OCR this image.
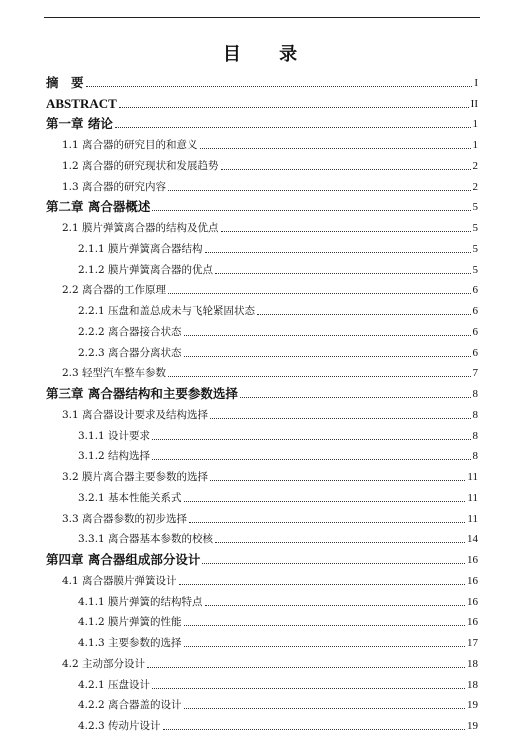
目 录
摘　要	I
ABSTRACT	II
第一章 绪论	1
1.1 离合器的研究目的和意义	1
1.2 离合器的研究现状和发展趋势	2
1.3 离合器的研究内容	2
第二章 离合器概述	5
2.1 膜片弹簧离合器的结构及优点	5
2.1.1 膜片弹簧离合器结构	5
2.1.2 膜片弹簧离合器的优点	5
2.2 离合器的工作原理	6
2.2.1 压盘和盖总成未与飞轮紧固状态	6
2.2.2 离合器接合状态	6
2.2.3 离合器分离状态	6
2.3 轻型汽车整车参数	7
第三章 离合器结构和主要参数选择	8
3.1 离合器设计要求及结构选择	8
3.1.1 设计要求	8
3.1.2 结构选择	8
3.2 膜片离合器主要参数的选择	11
3.2.1 基本性能关系式	11
3.3 离合器参数的初步选择	11
3.3.1 离合器基本参数的校核	14
第四章 离合器组成部分设计	16
4.1 离合器膜片弹簧设计	16
4.1.1 膜片弹簧的结构特点	16
4.1.2 膜片弹簧的性能	16
4.1.3 主要参数的选择	17
4.2 主动部分设计	18
4.2.1 压盘设计	18
4.2.2 离合器盖的设计	19
4.2.3 传动片设计	19
